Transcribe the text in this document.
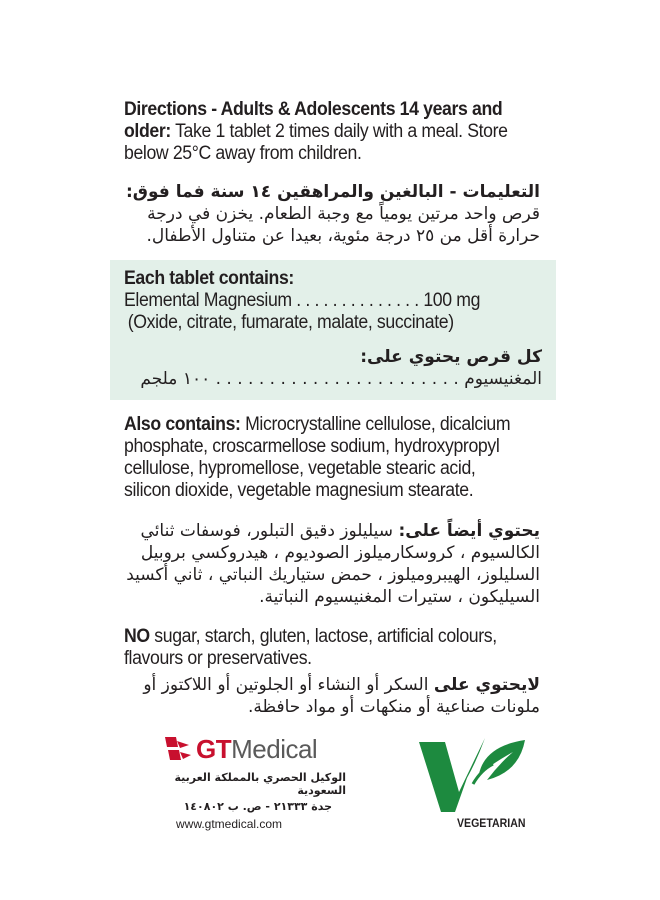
Directions - Adults & Adolescents 14 years and
older: Take 1 tablet 2 times daily with a meal. Store
below 25°C away from children.
التعليمات - البالغين والمراهقين ١٤ سنة فما فوق:
قرص واحد مرتين يومياً مع وجبة الطعام. يخزن في درجة
حرارة أقل من ٢٥ درجة مئوية، بعيدا عن متناول الأطفال.
Each tablet contains:
Elemental Magnesium . . . . . . . . . . . . . . 100 mg
(Oxide, citrate, fumarate, malate, succinate)
كل قرص يحتوي على:
المغنيسيوم . . . . . . . . . . . . . . . . . . . . . . . ١٠٠ ملجم
Also contains: Microcrystalline cellulose, dicalcium
phosphate, croscarmellose sodium, hydroxypropyl
cellulose, hypromellose, vegetable stearic acid,
silicon dioxide, vegetable magnesium stearate.
يحتوي أيضاً على: سيليلوز دقيق التبلور، فوسفات ثنائي
الكالسيوم ، كروسكارميلوز الصوديوم ، هيدروكسي بروبيل
السليلوز، الهيبروميلوز ، حمض ستياريك النباتي ، ثاني أكسيد
السيليكون ، ستيرات المغنيسيوم النباتية.
NO sugar, starch, gluten, lactose, artificial colours,
flavours or preservatives.
لايحتوي على السكر أو النشاء أو الجلوتين أو اللاكتوز أو
ملونات صناعية أو منكهات أو مواد حافظة.
GTMedical
الوكيل الحصري بالمملكة العربية السعودية
جدة ٢١٣٣٣ - ص. ب ١٤٠٨٠٢
www.gtmedical.com	VEGETARIAN
